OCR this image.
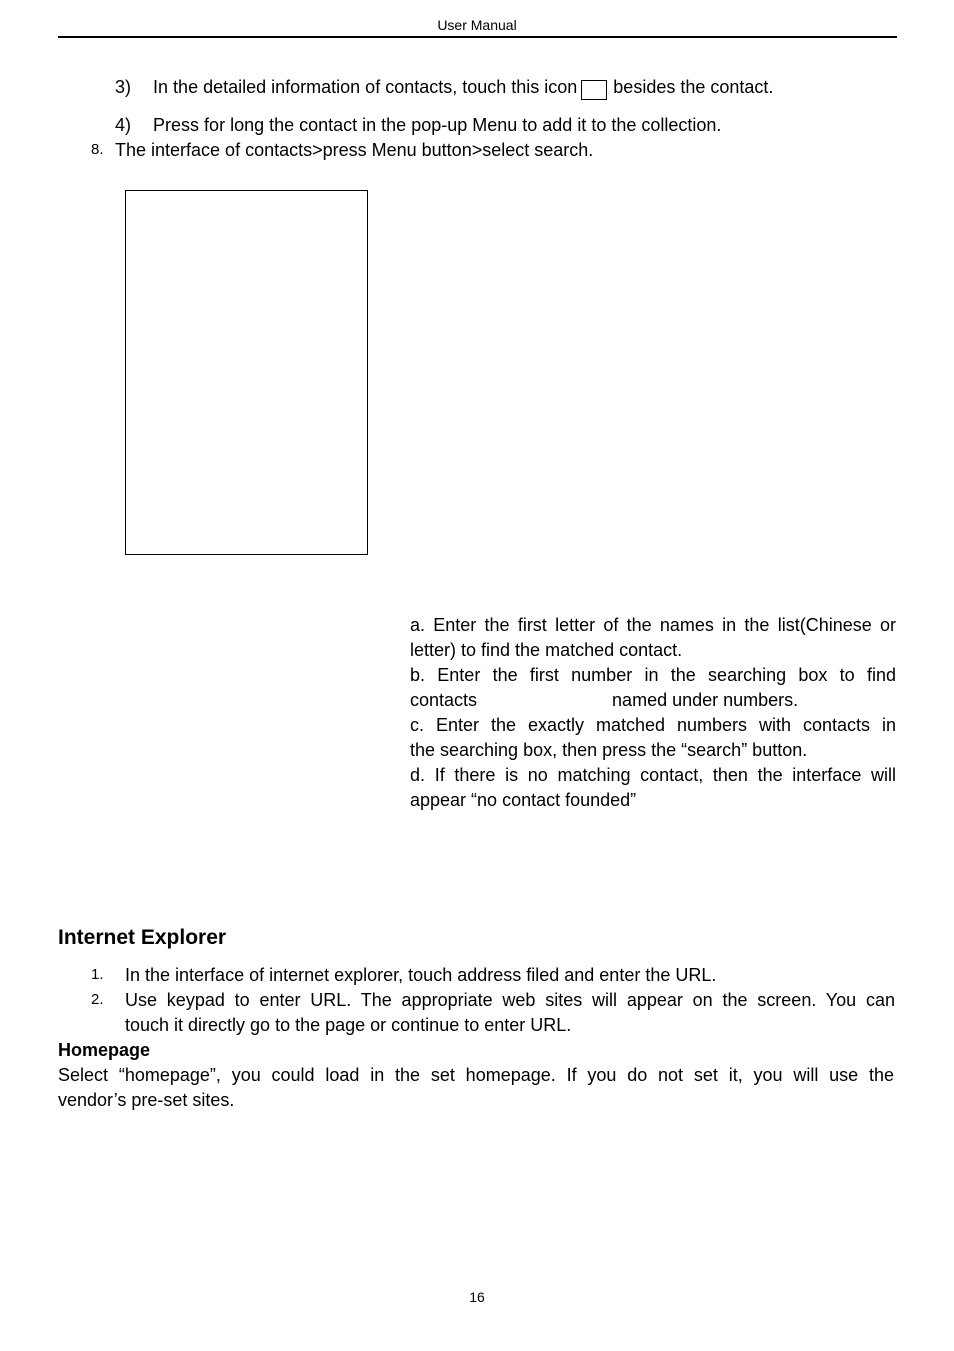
User Manual
3) In the detailed information of contacts, touch this icon besides the contact.
4) Press for long the contact in the pop-up Menu to add it to the collection.
8. The interface of contacts>press Menu button>select search.
a. Enter the first letter of the names in the list(Chinese or
letter) to find the matched contact.
b. Enter the first number in the searching box to find
contacts	named under numbers.
c. Enter the exactly matched numbers with contacts in
the searching box, then press the “search” button.
d. If there is no matching contact, then the interface will
appear “no contact founded”
Internet Explorer
1. In the interface of internet explorer, touch address filed and enter the URL.
2. Use keypad to enter URL. The appropriate web sites will appear on the screen. You can
touch it directly go to the page or continue to enter URL.
Homepage
Select “homepage”, you could load in the set homepage. If you do not set it, you will use the
vendor’s pre-set sites.
16
